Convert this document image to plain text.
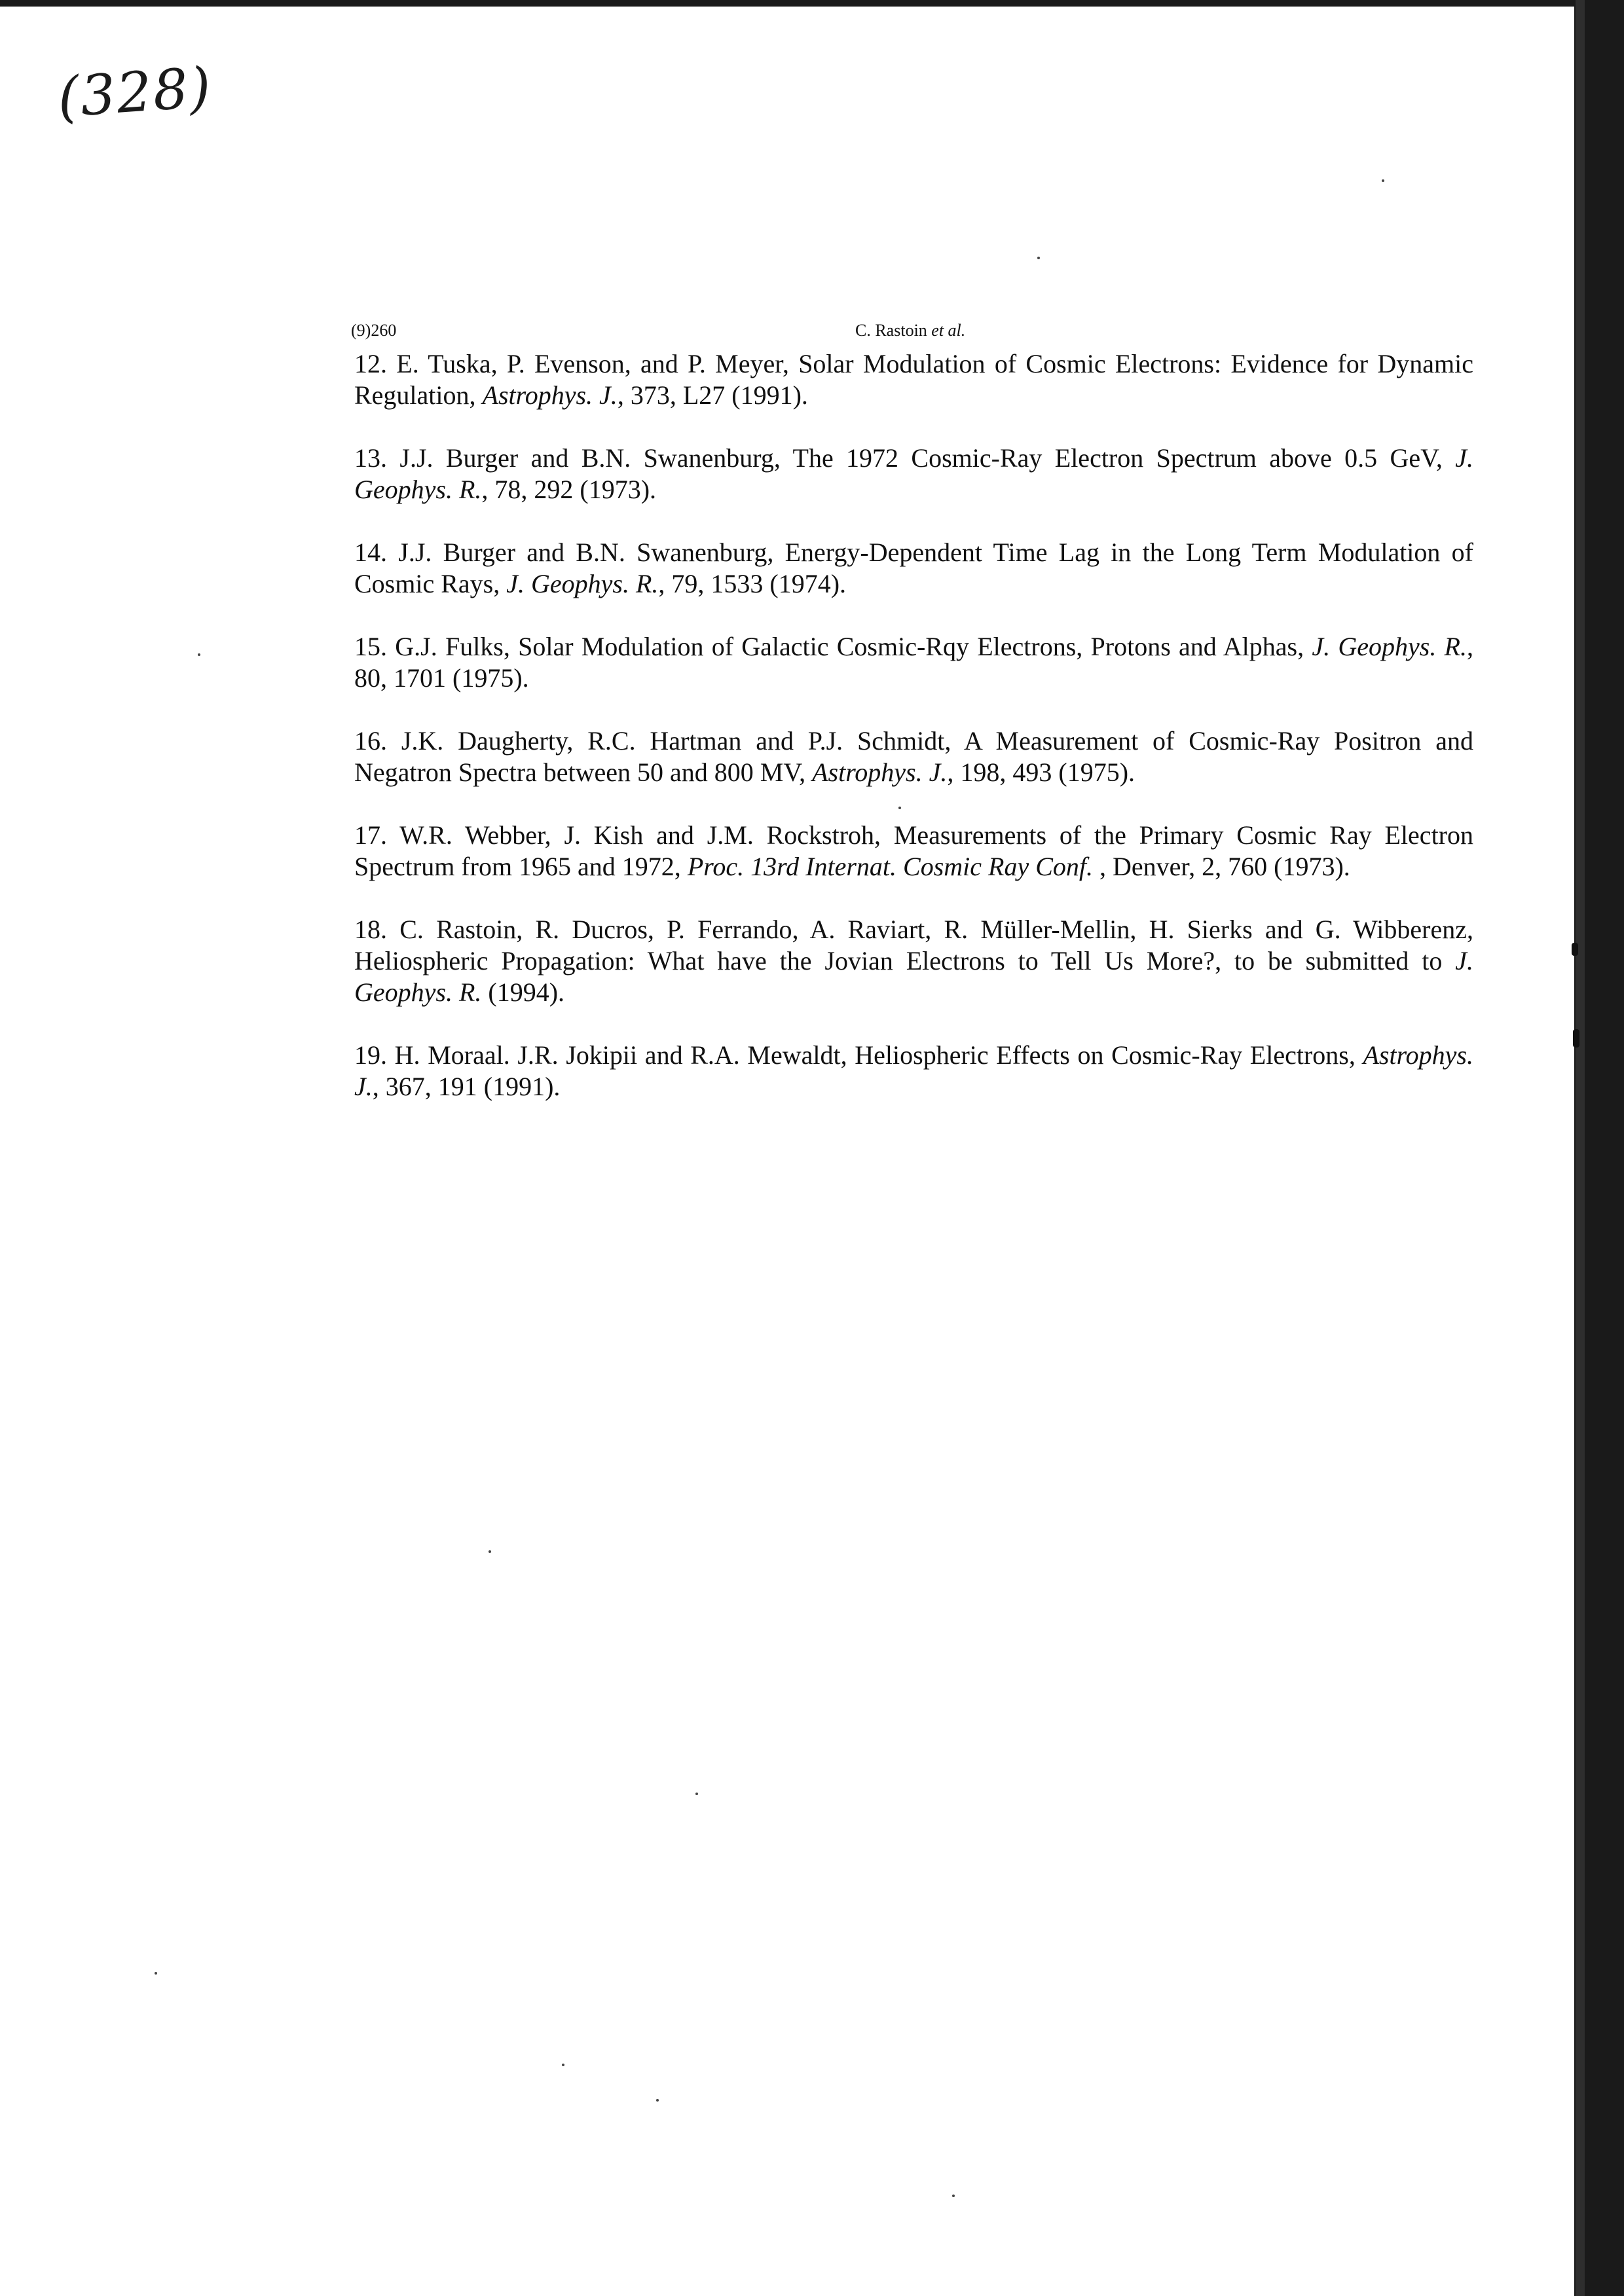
(328)
(9)260	C. Rastoin et al.
12. E. Tuska, P. Evenson, and P. Meyer, Solar Modulation of Cosmic Electrons: Evidence for Dynamic Regulation, Astrophys. J., 373, L27 (1991).
13. J.J. Burger and B.N. Swanenburg, The 1972 Cosmic-Ray Electron Spectrum above 0.5 GeV, J. Geophys. R., 78, 292 (1973).
14. J.J. Burger and B.N. Swanenburg, Energy-Dependent Time Lag in the Long Term Modulation of Cosmic Rays, J. Geophys. R., 79, 1533 (1974).
15. G.J. Fulks, Solar Modulation of Galactic Cosmic-Rqy Electrons, Protons and Alphas, J. Geophys. R., 80, 1701 (1975).
16. J.K. Daugherty, R.C. Hartman and P.J. Schmidt, A Measurement of Cosmic-Ray Positron and Negatron Spectra between 50 and 800 MV, Astrophys. J., 198, 493 (1975).
17. W.R. Webber, J. Kish and J.M. Rockstroh, Measurements of the Primary Cosmic Ray Electron Spectrum from 1965 and 1972, Proc. 13rd Internat. Cosmic Ray Conf. , Denver, 2, 760 (1973).
18. C. Rastoin, R. Ducros, P. Ferrando, A. Raviart, R. Müller-Mellin, H. Sierks and G. Wibberenz, Heliospheric Propagation: What have the Jovian Electrons to Tell Us More?, to be submitted to J. Geophys. R. (1994).
19. H. Moraal. J.R. Jokipii and R.A. Mewaldt, Heliospheric Effects on Cosmic-Ray Electrons, Astrophys. J., 367, 191 (1991).
